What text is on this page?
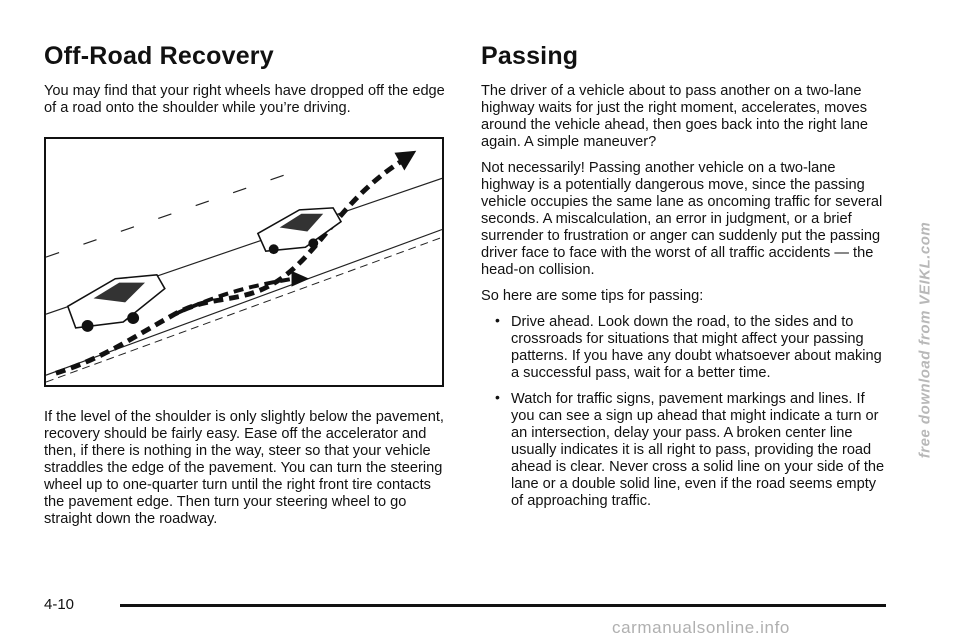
Off-Road Recovery

You may find that your right wheels have dropped off the edge of a road onto the shoulder while you’re driving.

If the level of the shoulder is only slightly below the pavement, recovery should be fairly easy. Ease off the accelerator and then, if there is nothing in the way, steer so that your vehicle straddles the edge of the pavement. You can turn the steering wheel up to one-quarter turn until the right front tire contacts the pavement edge. Then turn your steering wheel to go straight down the roadway.

Passing

The driver of a vehicle about to pass another on a two-lane highway waits for just the right moment, accelerates, moves around the vehicle ahead, then goes back into the right lane again. A simple maneuver?

Not necessarily! Passing another vehicle on a two-lane highway is a potentially dangerous move, since the passing vehicle occupies the same lane as oncoming traffic for several seconds. A miscalculation, an error in judgment, or a brief surrender to frustration or anger can suddenly put the passing driver face to face with the worst of all traffic accidents — the head-on collision.

So here are some tips for passing:

• Drive ahead. Look down the road, to the sides and to crossroads for situations that might affect your passing patterns. If you have any doubt whatsoever about making a successful pass, wait for a better time.
• Watch for traffic signs, pavement markings and lines. If you can see a sign up ahead that might indicate a turn or an intersection, delay your pass. A broken center line usually indicates it is all right to pass, providing the road ahead is clear. Never cross a solid line on your side of the lane or a double solid line, even if the road seems empty of approaching traffic.
4-10
free download from VEIKL.com
carmanualsonline.info
